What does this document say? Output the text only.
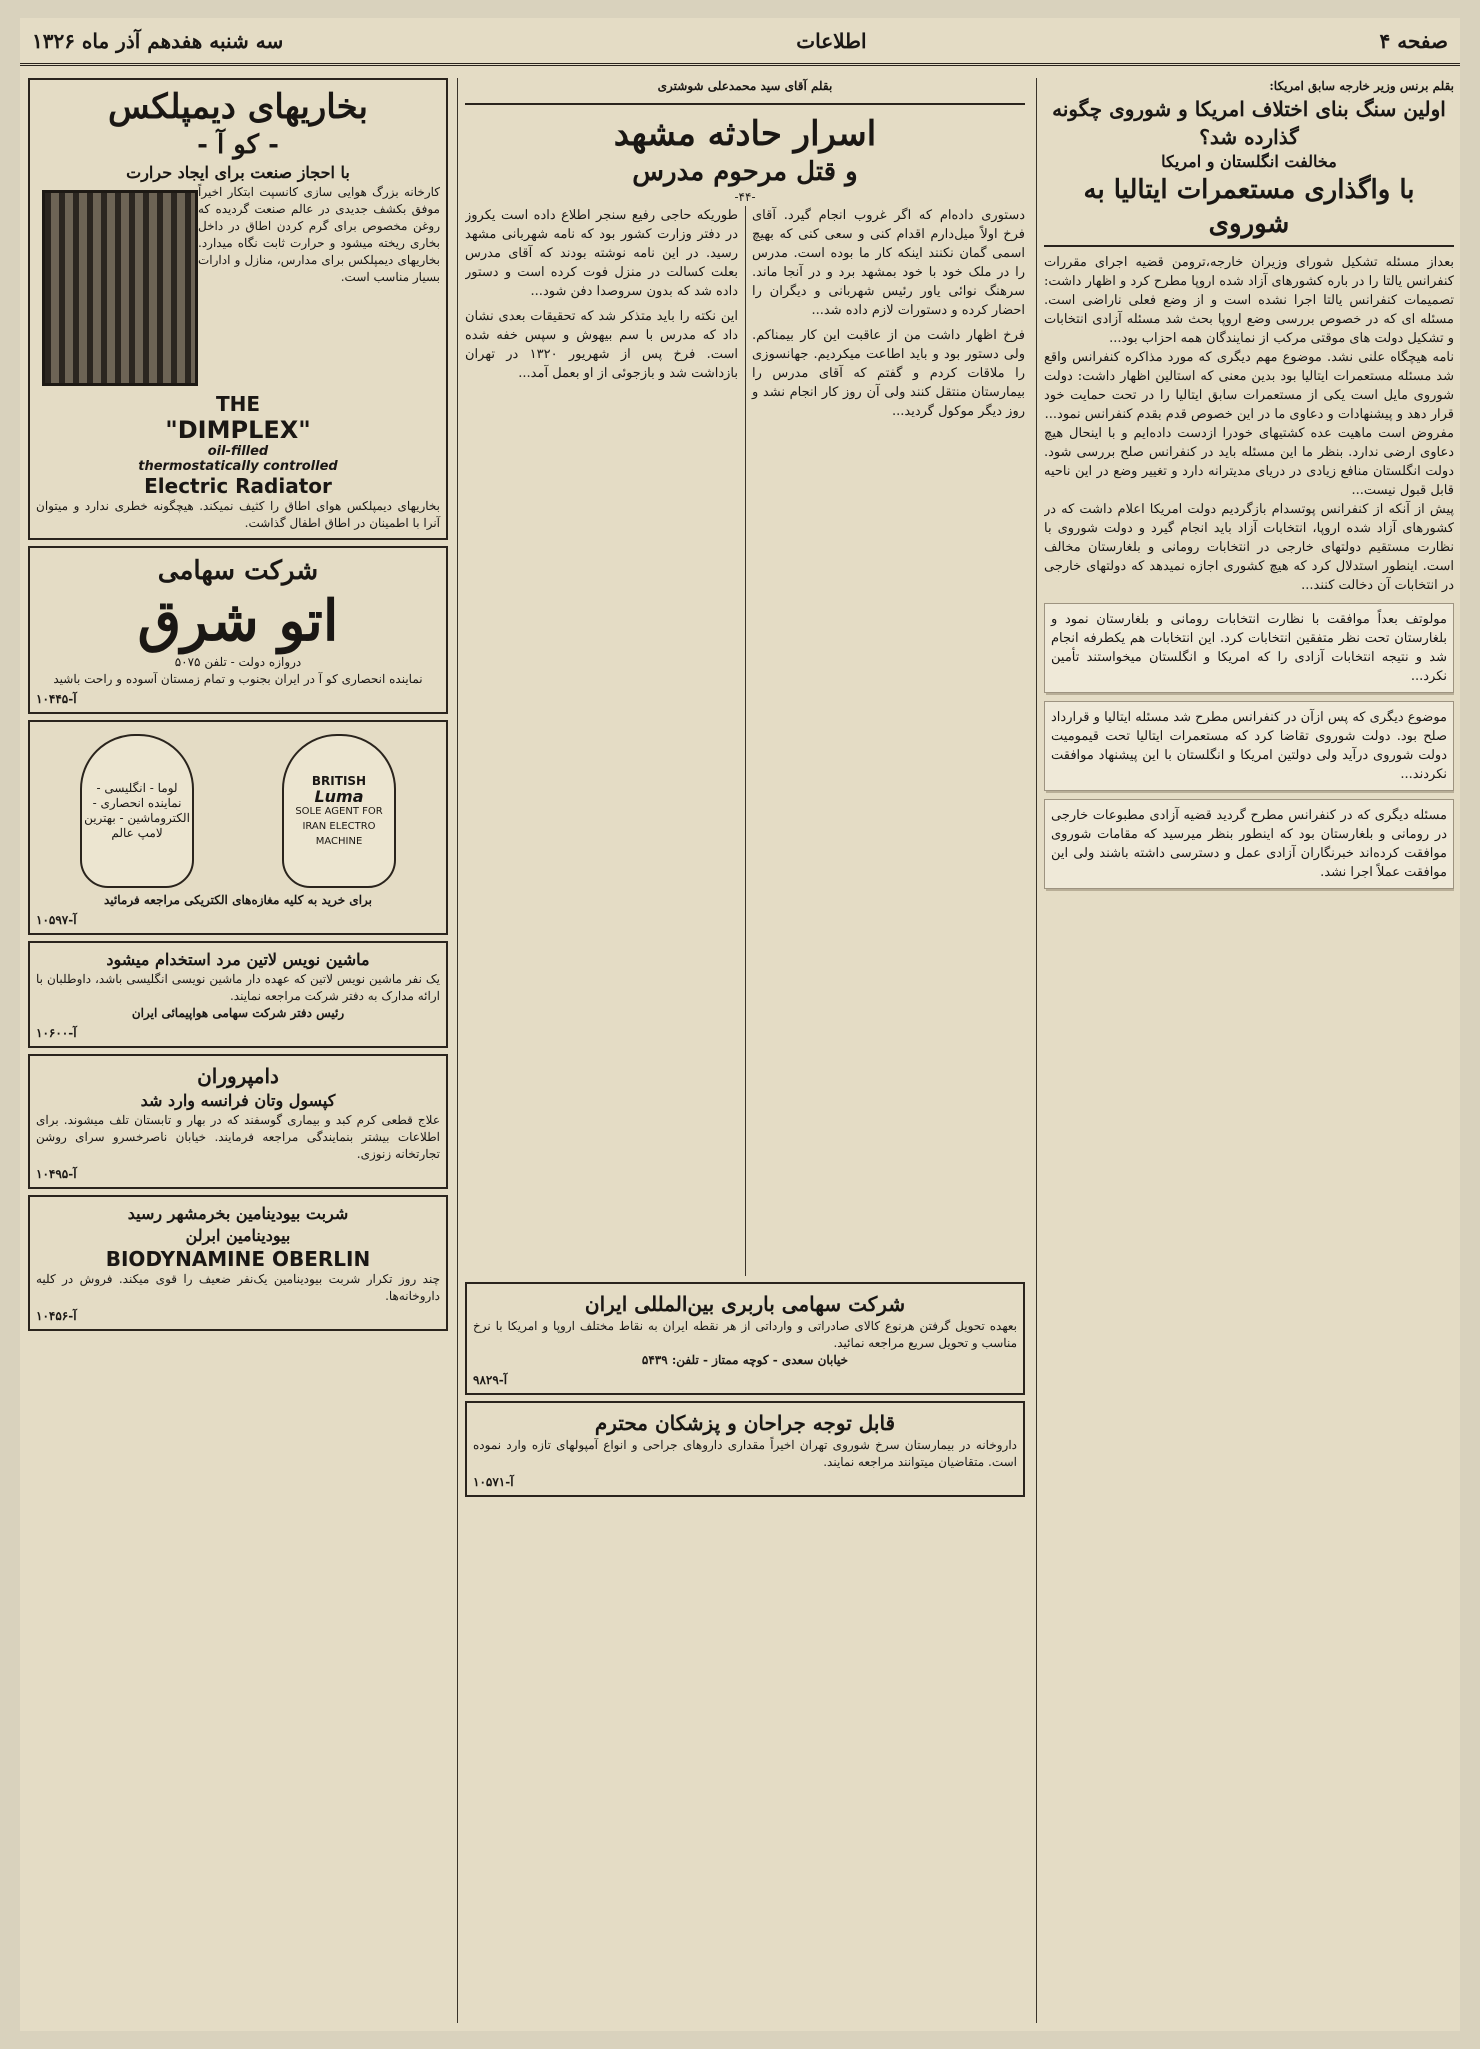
صفحه ۴
اطلاعات
سه شنبه هفدهم آذر ماه ۱۳۲۶
بقلم برنس وزیر خارجه سابق امریکا:
اولین سنگ بنای اختلاف امریکا و شوروی چگونه گذارده شد؟
مخالفت انگلستان و امریکا
با واگذاری مستعمرات ایتالیا به شوروی
بعداز مسئله تشکیل شورای وزیران خارجه،ترومن قضیه اجرای مقررات کنفرانس یالتا را در باره کشورهای آزاد شده اروپا مطرح کرد و اظهار داشت: تصمیمات کنفرانس یالتا اجرا نشده است و از وضع فعلی ناراضی است. مسئله ای که در خصوص بررسی وضع اروپا بحث شد مسئله آزادی انتخابات و تشکیل دولت های موقتی مرکب از نمایندگان همه احزاب بود...
نامه هیچگاه علنی نشد. موضوع مهم دیگری که مورد مذاکره کنفرانس واقع شد مسئله مستعمرات ایتالیا بود بدین معنی که استالین اظهار داشت: دولت شوروی مایل است یکی از مستعمرات سابق ایتالیا را در تحت حمایت خود قرار دهد و پیشنهادات و دعاوی ما در این خصوص قدم بقدم کنفرانس نمود...
مفروض است ماهیت عده کشتیهای خودرا ازدست داده‌ایم و با اینحال هیچ دعاوی ارضی ندارد. بنظر ما این مسئله باید در کنفرانس صلح بررسی شود. دولت انگلستان منافع زیادی در دریای مدیترانه دارد و تغییر وضع در این ناحیه قابل قبول نیست...
پیش از آنکه از کنفرانس پوتسدام بازگردیم دولت امریکا اعلام داشت که در کشورهای آزاد شده اروپا، انتخابات آزاد باید انجام گیرد و دولت شوروی با نظارت مستقیم دولتهای خارجی در انتخابات رومانی و بلغارستان مخالف است. اینطور استدلال کرد که هیچ کشوری اجازه نمیدهد که دولتهای خارجی در انتخابات آن دخالت کنند...
مولوتف بعداً موافقت با نظارت انتخابات رومانی و بلغارستان نمود و بلغارستان تحت نظر متفقین انتخابات کرد. این انتخابات هم یکطرفه انجام شد و نتیجه انتخابات آزادی را که امریکا و انگلستان میخواستند تأمین نکرد...
موضوع دیگری که پس ازآن در کنفرانس مطرح شد مسئله ایتالیا و قرارداد صلح بود. دولت شوروی تقاضا کرد که مستعمرات ایتالیا تحت قیمومیت دولت شوروی درآید ولی دولتین امریکا و انگلستان با این پیشنهاد موافقت نکردند...
مسئله دیگری که در کنفرانس مطرح گردید قضیه آزادی مطبوعات خارجی در رومانی و بلغارستان بود که اینطور بنظر میرسید که مقامات شوروی موافقت کرده‌اند خبرنگاران آزادی عمل و دسترسی داشته باشند ولی این موافقت عملاً اجرا نشد.
بقلم آقای سید محمدعلی شوشتری
اسرار حادثه مشهد
و قتل مرحوم مدرس
-۴۴-

دستوری داده‌ام که اگر غروب انجام گیرد. آقای فرخ اولاً میل‌دارم اقدام کنی و سعی کنی که بهیچ اسمی گمان نکنند اینکه کار ما بوده است. مدرس را در ملک خود با خود بمشهد برد و در آنجا ماند. سرهنگ نوائی یاور رئیس شهربانی و دیگران را احضار کرده و دستورات لازم داده شد...

فرخ اظهار داشت من از عاقبت این کار بیمناکم. ولی دستور بود و باید اطاعت میکردیم. جهانسوزی را ملاقات کردم و گفتم که آقای مدرس را بیمارستان منتقل کنند ولی آن روز کار انجام نشد و روز دیگر موکول گردید...

طوریکه حاجی رفیع سنجر اطلاع داده است یکروز در دفتر وزارت کشور بود که نامه شهربانی مشهد رسید. در این نامه نوشته بودند که آقای مدرس بعلت کسالت در منزل فوت کرده است و دستور داده شد که بدون سروصدا دفن شود...

این نکته را باید متذکر شد که تحقیقات بعدی نشان داد که مدرس با سم بیهوش و سپس خفه شده است. فرخ پس از شهریور ۱۳۲۰ در تهران بازداشت شد و بازجوئی از او بعمل آمد...

شرکت سهامی باربری بین‌المللی ایران
بعهده تحویل گرفتن هرنوع کالای صادراتی و وارداتی از هر نقطه ایران به نقاط مختلف اروپا و امریکا با نرخ مناسب و تحویل سریع مراجعه نمائید.
خیابان سعدی - کوچه ممتاز - تلفن: ۵۴۳۹
آ-۹۸۲۹
قابل توجه جراحان و پزشکان محترم
داروخانه در بیمارستان سرخ شوروی تهران اخیراً مقداری داروهای جراحی و انواع آمپولهای تازه وارد نموده است. متقاضیان میتوانند مراجعه نمایند.
آ-۱۰۵۷۱
بخاریهای دیمپلکس
- کو آ -
با احجاز صنعت برای ایجاد حرارت
کارخانه بزرگ هوایی سازی کانسپت ابتکار اخیراً موفق بکشف جدیدی در عالم صنعت گردیده که روغن مخصوص برای گرم کردن اطاق در داخل بخاری ریخته میشود و حرارت ثابت نگاه میدارد. بخاریهای دیمپلکس برای مدارس، منازل و ادارات بسیار مناسب است.
THE
"DIMPLEX"
oil-filled
thermostatically controlled
Electric Radiator
بخاریهای دیمپلکس هوای اطاق را کثیف نمیکند. هیچگونه خطری ندارد و میتوان آنرا با اطمینان در اطاق اطفال گذاشت.
شرکت سهامی
اتو شرق
دروازه دولت - تلفن ۵۰۷۵
نماینده انحصاری کو آ در ایران بجنوب و تمام زمستان آسوده و راحت باشید
آ-۱۰۴۴۵
BRITISH
Luma
SOLE AGENT FOR IRAN ELECTRO MACHINE
لوما - انگلیسی - نماینده انحصاری - الکتروماشین - بهترین لامپ عالم
برای خرید به کلیه مغازه‌های الکتریکی مراجعه فرمائید
آ-۱۰۵۹۷
ماشین نویس لاتین مرد استخدام میشود
یک نفر ماشین نویس لاتین که عهده دار ماشین نویسی انگلیسی باشد، داوطلبان با ارائه مدارک به دفتر شرکت مراجعه نمایند.
رئیس دفتر شرکت سهامی هواپیمائی ایران
آ-۱۰۶۰۰
دامپروران
کپسول وتان فرانسه وارد شد
علاج قطعی کرم کبد و بیماری گوسفند که در بهار و تابستان تلف میشوند. برای اطلاعات بیشتر بنمایندگی مراجعه فرمایند. خیابان ناصرخسرو سرای روشن تجارتخانه زنوزی.
آ-۱۰۴۹۵
شربت بیودینامین بخرمشهر رسید
بیودینامین ابرلن
BIODYNAMINE OBERLIN
چند روز تکرار شربت بیودینامین یک‌نفر ضعیف را قوی میکند. فروش در کلیه داروخانه‌ها.
آ-۱۰۴۵۶
